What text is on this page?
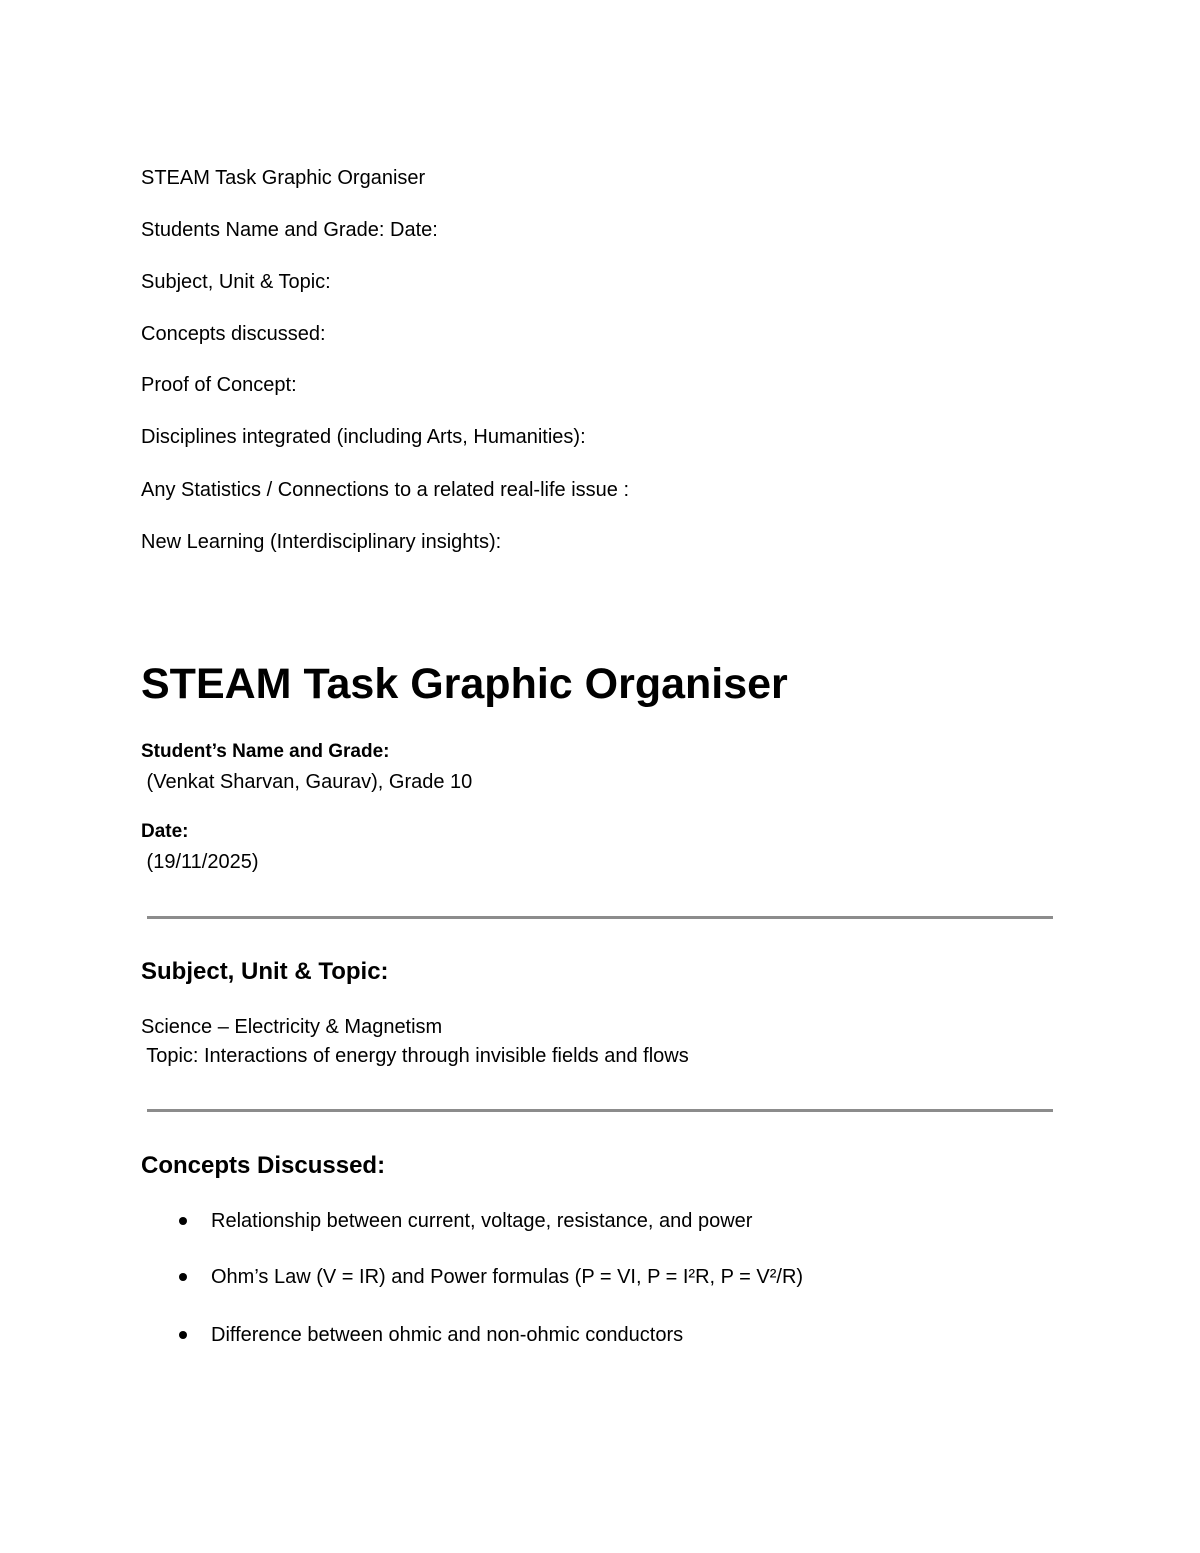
STEAM Task Graphic Organiser
Students Name and Grade: Date:
Subject, Unit & Topic:
Concepts discussed:
Proof of Concept:
Disciplines integrated (including Arts, Humanities):
Any Statistics / Connections to a related real-life issue :
New Learning (Interdisciplinary insights):
STEAM Task Graphic Organiser
Student’s Name and Grade:
(Venkat Sharvan, Gaurav), Grade 10
Date:
(19/11/2025)
Subject, Unit & Topic:
Science – Electricity & Magnetism
Topic: Interactions of energy through invisible fields and flows
Concepts Discussed:
Relationship between current, voltage, resistance, and power
Ohm’s Law (V = IR) and Power formulas (P = VI, P = I²R, P = V²/R)
Difference between ohmic and non-ohmic conductors
